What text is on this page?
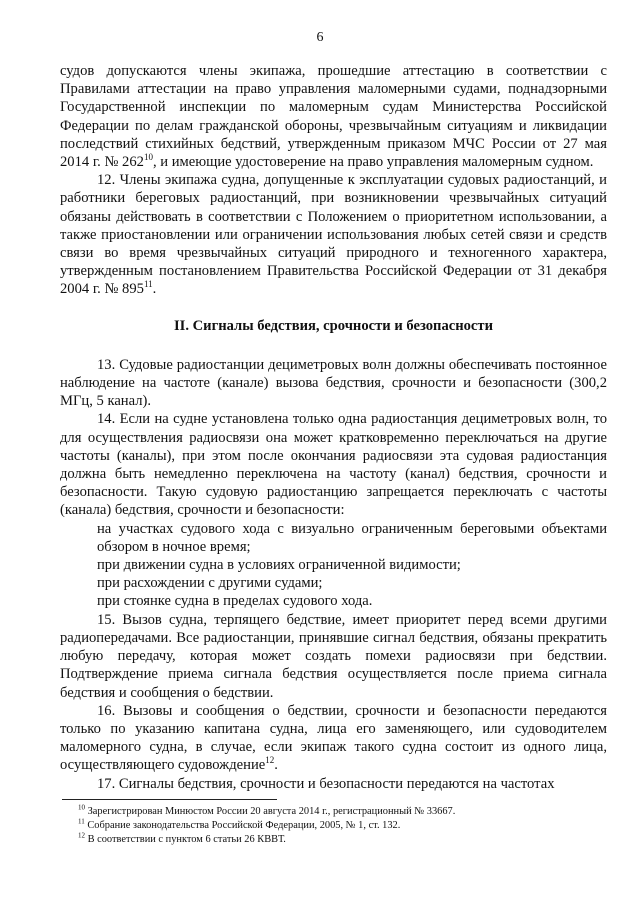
6

судов допускаются члены экипажа, прошедшие аттестацию в соответствии с Правилами аттестации на право управления маломерными судами, поднадзорными Государственной инспекции по маломерным судам Министерства Российской Федерации по делам гражданской обороны, чрезвычайным ситуациям и ликвидации последствий стихийных бедствий, утвержденным приказом МЧС России от 27 мая 2014 г. № $262^{10}$, и имеющие удостоверение на право управления маломерным судном.

12. Члены экипажа судна, допущенные к эксплуатации судовых радиостанций, и работники береговых радиостанций, при возникновении чрезвычайных ситуаций обязаны действовать в соответствии с Положением о приоритетном использовании, а также приостановлении или ограничении использования любых сетей связи и средств связи во время чрезвычайных ситуаций природного и техногенного характера, утвержденным постановлением Правительства Российской Федерации от 31 декабря 2004 г. № $895^{11}$.

II. Сигналы бедствия, срочности и безопасности

13. Судовые радиостанции дециметровых волн должны обеспечивать постоянное наблюдение на частоте (канале) вызова бедствия, срочности и безопасности (300,2 МГц, 5 канал).

14. Если на судне установлена только одна радиостанция дециметровых волн, то для осуществления радиосвязи она может кратковременно переключаться на другие частоты (каналы), при этом после окончания радиосвязи эта судовая радиостанция должна быть немедленно переключена на частоту (канал) бедствия, срочности и безопасности. Такую судовую радиостанцию запрещается переключать с частоты (канала) бедствия, срочности и безопасности:

на участках судового хода с визуально ограниченным береговыми объектами обзором в ночное время;

при движении судна в условиях ограниченной видимости;

при расхождении с другими судами;

при стоянке судна в пределах судового хода.

15. Вызов судна, терпящего бедствие, имеет приоритет перед всеми другими радиопередачами. Все радиостанции, принявшие сигнал бедствия, обязаны прекратить любую передачу, которая может создать помехи радиосвязи при бедствии. Подтверждение приема сигнала бедствия осуществляется после приема сигнала бедствия и сообщения о бедствии.

16. Вызовы и сообщения о бедствии, срочности и безопасности передаются только по указанию капитана судна, лица его заменяющего, или судоводителем маломерного судна, в случае, если экипаж такого судна состоит из одного лица, осуществляющего судовождение$^{12}$.

17. Сигналы бедствия, срочности и безопасности передаются на частотах

$^{10}$ Зарегистрирован Минюстом России 20 августа 2014 г., регистрационный № 33667.
$^{11}$ Собрание законодательства Российской Федерации, 2005, № 1, ст. 132.
$^{12}$ В соответствии с пунктом 6 статьи 26 КВВТ.
